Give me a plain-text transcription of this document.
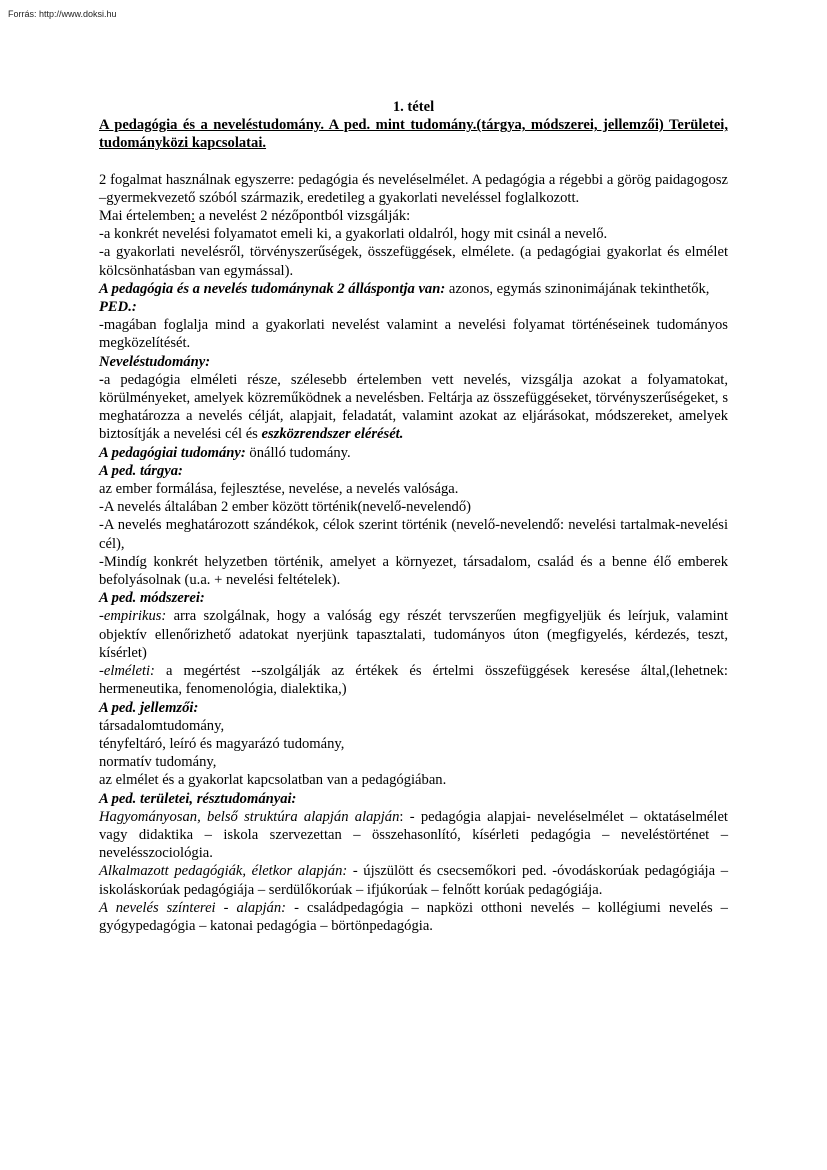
Forrás: http://www.doksi.hu

1. tétel

A pedagógia és a neveléstudomány. A ped. mint tudomány.(tárgya, módszerei, jellemzői) Területei, tudományközi kapcsolatai.

2 fogalmat használnak egyszerre: pedagógia és neveléselmélet. A pedagógia a régebbi a görög paidagogosz –gyermekvezető szóból származik, eredetileg a gyakorlati neveléssel foglalkozott.

Mai értelemben: a nevelést 2 nézőpontból vizsgálják:

-a konkrét nevelési folyamatot emeli ki, a gyakorlati oldalról, hogy mit csinál a nevelő.

-a gyakorlati nevelésről, törvényszerűségek, összefüggések, elmélete. (a pedagógiai gyakorlat és elmélet kölcsönhatásban van egymással).

A pedagógia és a nevelés tudománynak 2 álláspontja van: azonos, egymás szinonimájának tekinthetők,

PED.:

-magában foglalja mind a gyakorlati nevelést valamint a nevelési folyamat történéseinek tudományos megközelítését.

Neveléstudomány:

-a pedagógia elméleti része, szélesebb értelemben vett nevelés, vizsgálja azokat a folyamatokat, körülményeket, amelyek közreműködnek a nevelésben. Feltárja az összefüggéseket, törvényszerűségeket, s meghatározza a nevelés célját, alapjait, feladatát, valamint azokat az eljárásokat, módszereket, amelyek biztosítják a nevelési cél és eszközrendszer elérését.

A pedagógiai tudomány: önálló tudomány.

A ped. tárgya:

az ember formálása, fejlesztése, nevelése, a nevelés valósága.

-A nevelés általában 2 ember között történik(nevelő-nevelendő)

-A nevelés meghatározott szándékok, célok szerint történik (nevelő-nevelendő: nevelési tartalmak-nevelési cél),

-Mindíg konkrét helyzetben történik, amelyet a környezet, társadalom, család és a benne élő emberek befolyásolnak (u.a. + nevelési feltételek).

A ped. módszerei:

-empirikus: arra szolgálnak, hogy a valóság egy részét tervszerűen megfigyeljük és leírjuk, valamint objektív ellenőrizhető adatokat nyerjünk tapasztalati, tudományos úton (megfigyelés, kérdezés, teszt, kísérlet)

-elméleti: a megértést --szolgálják az értékek és értelmi összefüggések keresése által,(lehetnek: hermeneutika, fenomenológia, dialektika,)

A ped. jellemzői:

társadalomtudomány,

tényfeltáró, leíró és magyarázó tudomány,

normatív tudomány,

az elmélet és a gyakorlat kapcsolatban van a pedagógiában.

A ped. területei, résztudományai:

Hagyományosan, belső struktúra alapján alapján: - pedagógia alapjai- neveléselmélet – oktatáselmélet vagy didaktika – iskola szervezettan – összehasonlító, kísérleti pedagógia – neveléstörténet – nevelésszociológia.

Alkalmazott pedagógiák, életkor alapján: - újszülött és csecsemőkori ped. -óvodáskorúak pedagógiája – iskoláskorúak pedagógiája – serdülőkorúak – ifjúkorúak – felnőtt korúak pedagógiája.

A nevelés színterei - alapján: - családpedagógia – napközi otthoni nevelés – kollégiumi nevelés – gyógypedagógia – katonai pedagógia – börtönpedagógia.
